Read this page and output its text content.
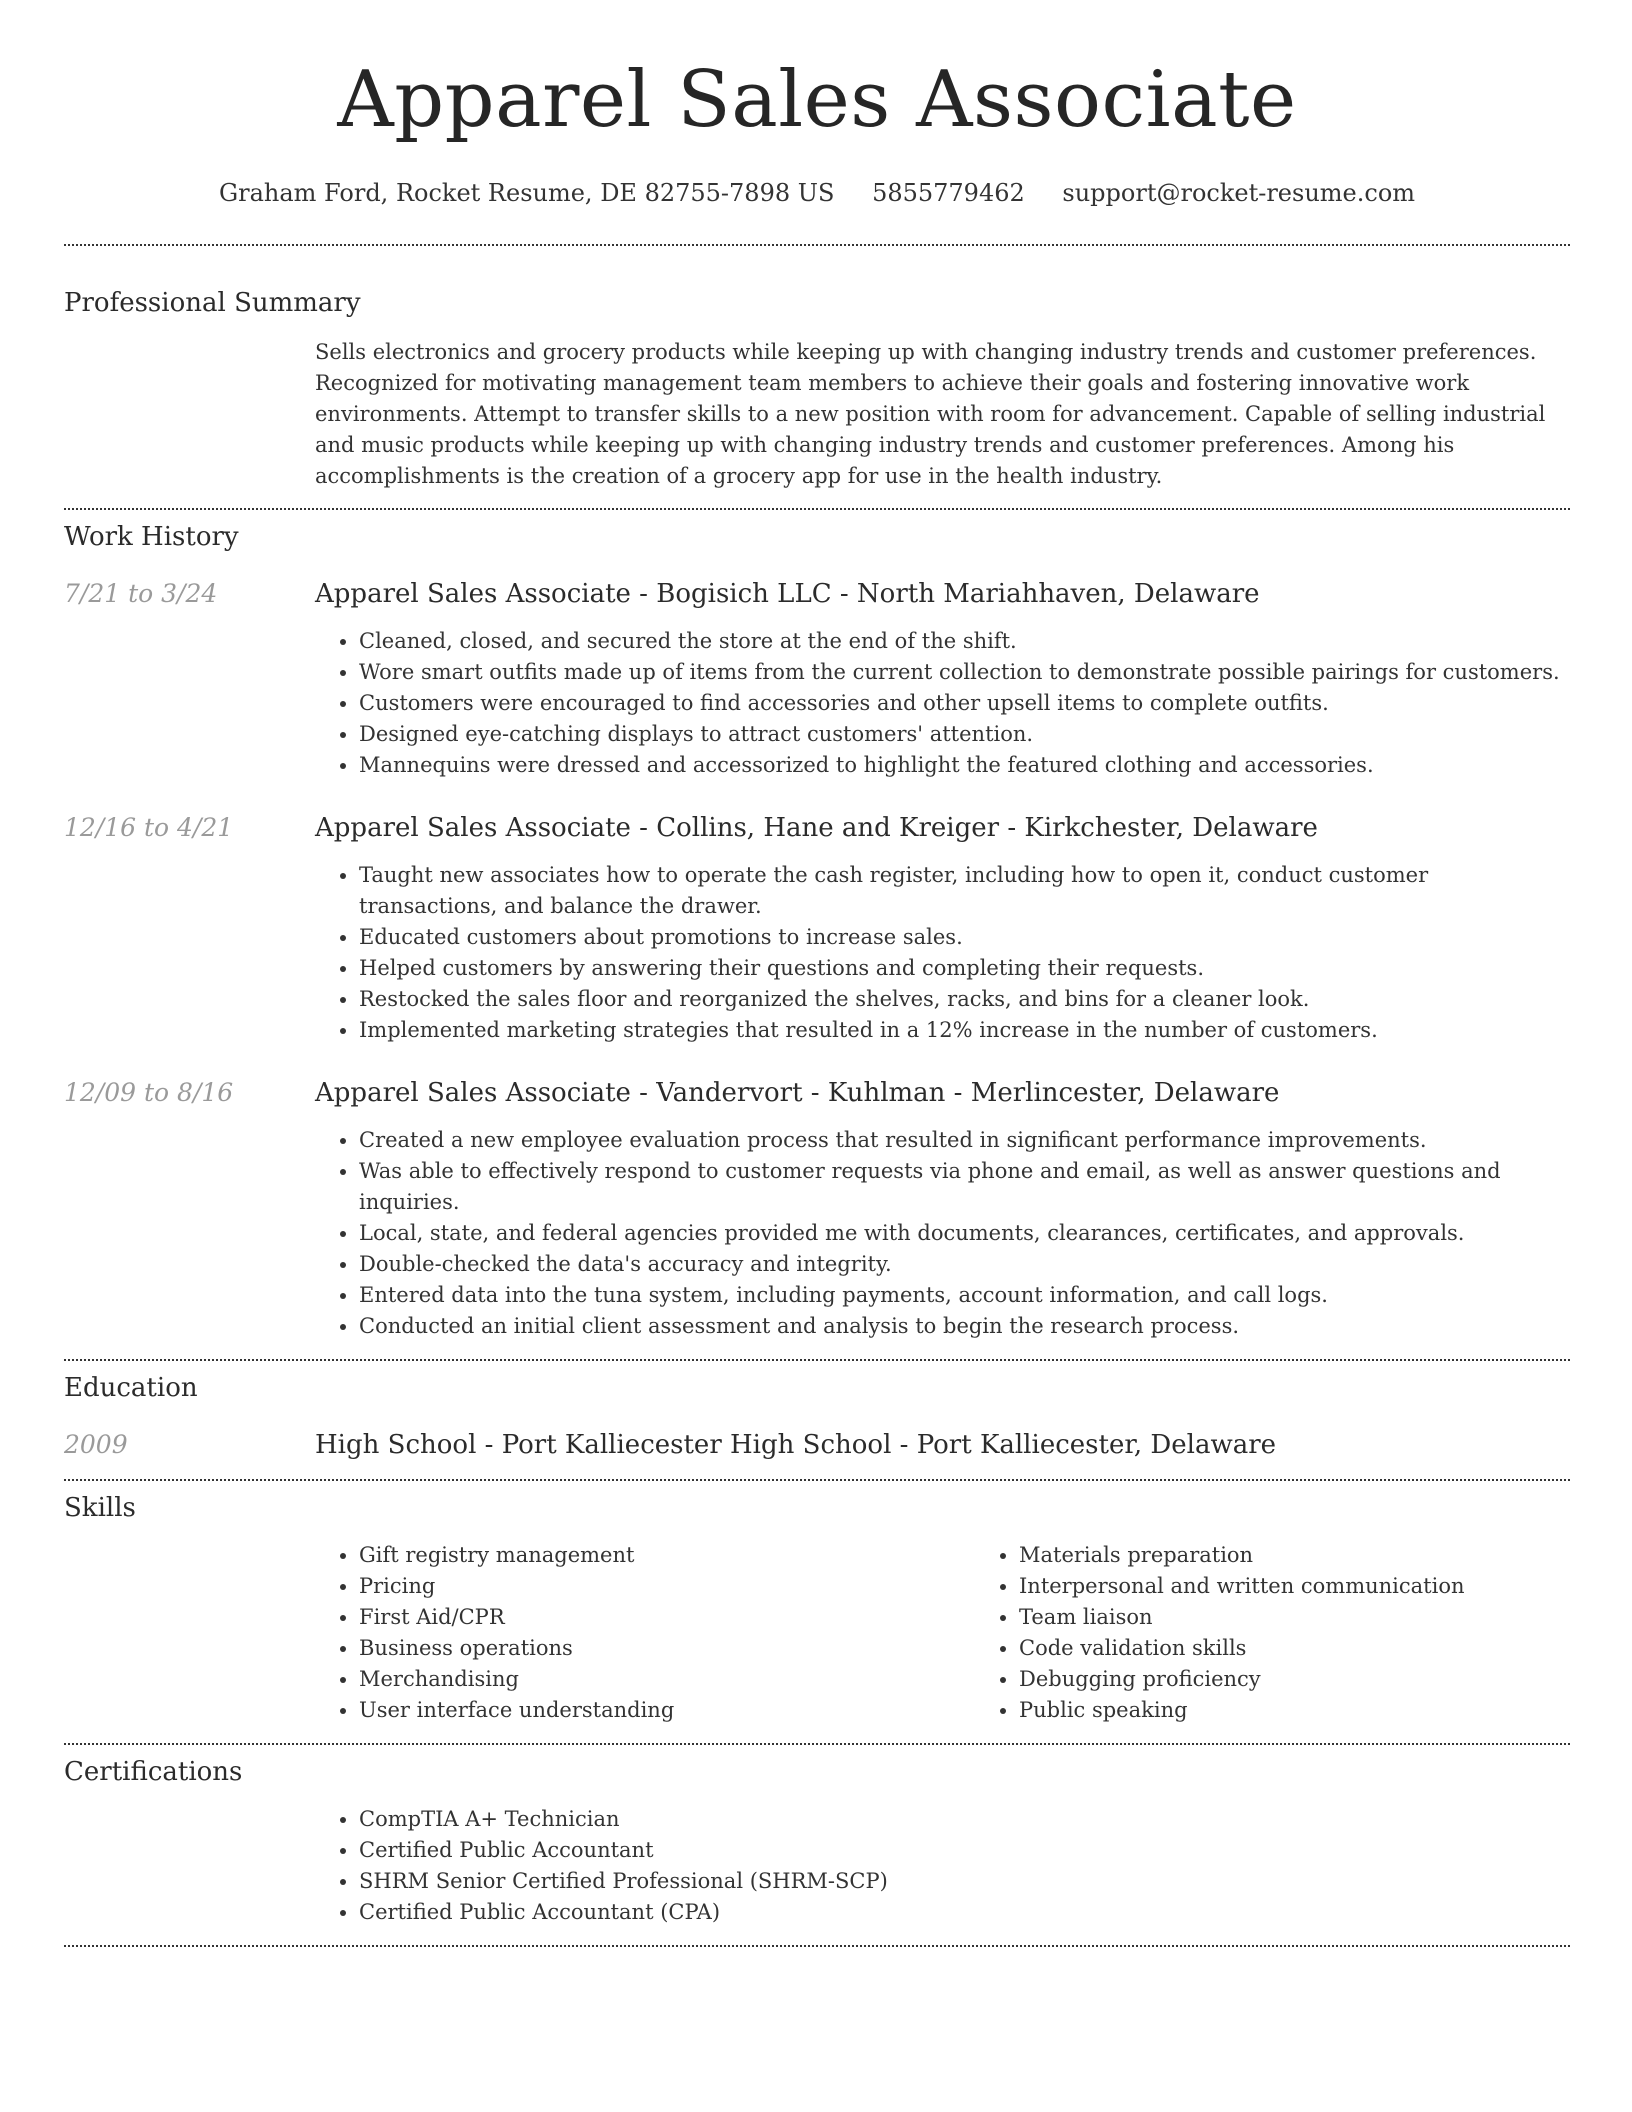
Apparel Sales Associate
Graham Ford, Rocket Resume, DE 82755-7898 US 5855779462 support@rocket-resume.com
Professional Summary

Sells electronics and grocery products while keeping up with changing industry trends and customer preferences. Recognized for motivating management team members to achieve their goals and fostering innovative work environments. Attempt to transfer skills to a new position with room for advancement. Capable of selling industrial and music products while keeping up with changing industry trends and customer preferences. Among his accomplishments is the creation of a grocery app for use in the health industry.

Work History
7/21 to 3/24	Apparel Sales Associate - Bogisich LLC - North Mariahhaven, Delaware
• Cleaned, closed, and secured the store at the end of the shift.
• Wore smart outfits made up of items from the current collection to demonstrate possible pairings for customers.
• Customers were encouraged to find accessories and other upsell items to complete outfits.
• Designed eye-catching displays to attract customers' attention.
• Mannequins were dressed and accessorized to highlight the featured clothing and accessories.
12/16 to 4/21	Apparel Sales Associate - Collins, Hane and Kreiger - Kirkchester, Delaware
• Taught new associates how to operate the cash register, including how to open it, conduct customer transactions, and balance the drawer.
• Educated customers about promotions to increase sales.
• Helped customers by answering their questions and completing their requests.
• Restocked the sales floor and reorganized the shelves, racks, and bins for a cleaner look.
• Implemented marketing strategies that resulted in a 12% increase in the number of customers.
12/09 to 8/16	Apparel Sales Associate - Vandervort - Kuhlman - Merlincester, Delaware
• Created a new employee evaluation process that resulted in significant performance improvements.
• Was able to effectively respond to customer requests via phone and email, as well as answer questions and inquiries.
• Local, state, and federal agencies provided me with documents, clearances, certificates, and approvals.
• Double-checked the data's accuracy and integrity.
• Entered data into the tuna system, including payments, account information, and call logs.
• Conducted an initial client assessment and analysis to begin the research process.
Education
2009	High School - Port Kalliecester High School - Port Kalliecester, Delaware
Skills
• Gift registry management
• Pricing
• First Aid/CPR
• Business operations
• Merchandising
• User interface understanding
• Materials preparation
• Interpersonal and written communication
• Team liaison
• Code validation skills
• Debugging proficiency
• Public speaking
Certifications
• CompTIA A+ Technician
• Certified Public Accountant
• SHRM Senior Certified Professional (SHRM-SCP)
• Certified Public Accountant (CPA)
